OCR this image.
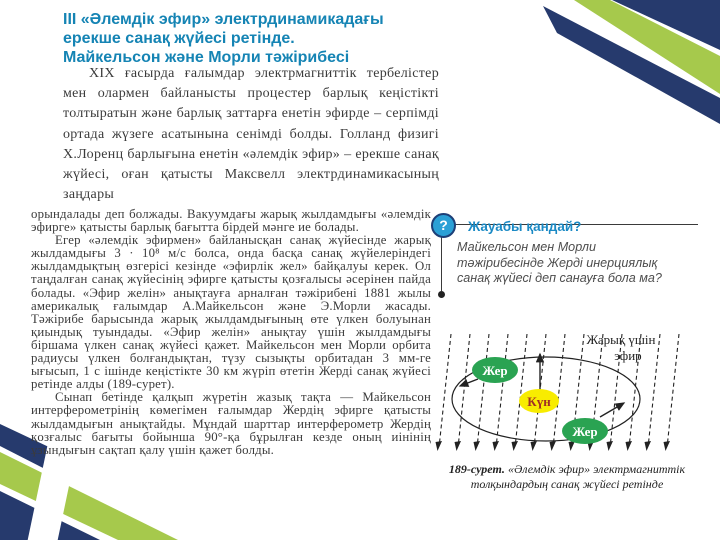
III «Әлемдік эфир» электрдинамикадағы
ерекше санақ жүйесі ретінде.
Майкельсон және Морли тәжірибесі
XIX ғасырда ғалымдар электрмагниттік тербелістер мен олармен байланысты процестер барлық кеңістікті толтыратын және барлық заттарға енетін эфирде – серпімді ортада жүзеге асатынына сенімді болды. Голланд физигі Х.Лоренц барлығына енетін «әлемдік эфир» – ерекше санақ жүйесі, оған қатысты Максвелл электрдинамикасының заңдары

орындалады деп болжады. Вакуумдағы жарық жылдамдығы «әлемдік эфирге» қатысты барлық бағытта бірдей мәнге ие болады.

Егер «әлемдік эфирмен» байланысқан санақ жүйесінде жарық жылдамдығы 3 · 10⁸ м/с болса, онда басқа санақ жүйелеріндегі жылдамдықтың өзгерісі кезінде «эфирлік жел» байқалуы керек. Ол таңдалған санақ жүйесінің эфирге қатысты қозғалысы әсерінен пайда болады. «Эфир желін» анықтауға арналған тәжірибені 1881 жылы америкалық ғалымдар А.Майкельсон және Э.Морли жасады. Тәжірибе барысында жарық жылдамдығының өте үлкен болуынан қиындық туындады. «Эфир желін» анықтау үшін жылдамдығы біршама үлкен санақ жүйесі қажет. Майкельсон мен Морли орбита радиусы үлкен болғандықтан, түзу сызықты орбитадан 3 мм-ге ығысып, 1 с ішінде кеңістікте 30 км жүріп өтетін Жерді санақ жүйесі ретінде алды (189-сурет).

Сынап бетінде қалқып жүретін жазық тақта — Майкельсон интерферометрінің көмегімен ғалымдар Жердің эфирге қатысты жылдамдығын анықтайды. Мұндай шарттар интерферометр Жердің қозғалыс бағыты бойынша 90°-қа бұрылған кезде оның иінінің ұзындығын сақтап қалу үшін қажет болды.

?	Жауабы қандай?
Майкельсон мен Морли тәжірибесінде Жерді инерциялық санақ жүйесі деп санауға бола ма?
Жер
Күн
Жер
Жарық үшін
эфир
189-сурет. «Әлемдік эфир» электрмагниттік толқындардың санақ жүйесі ретінде
